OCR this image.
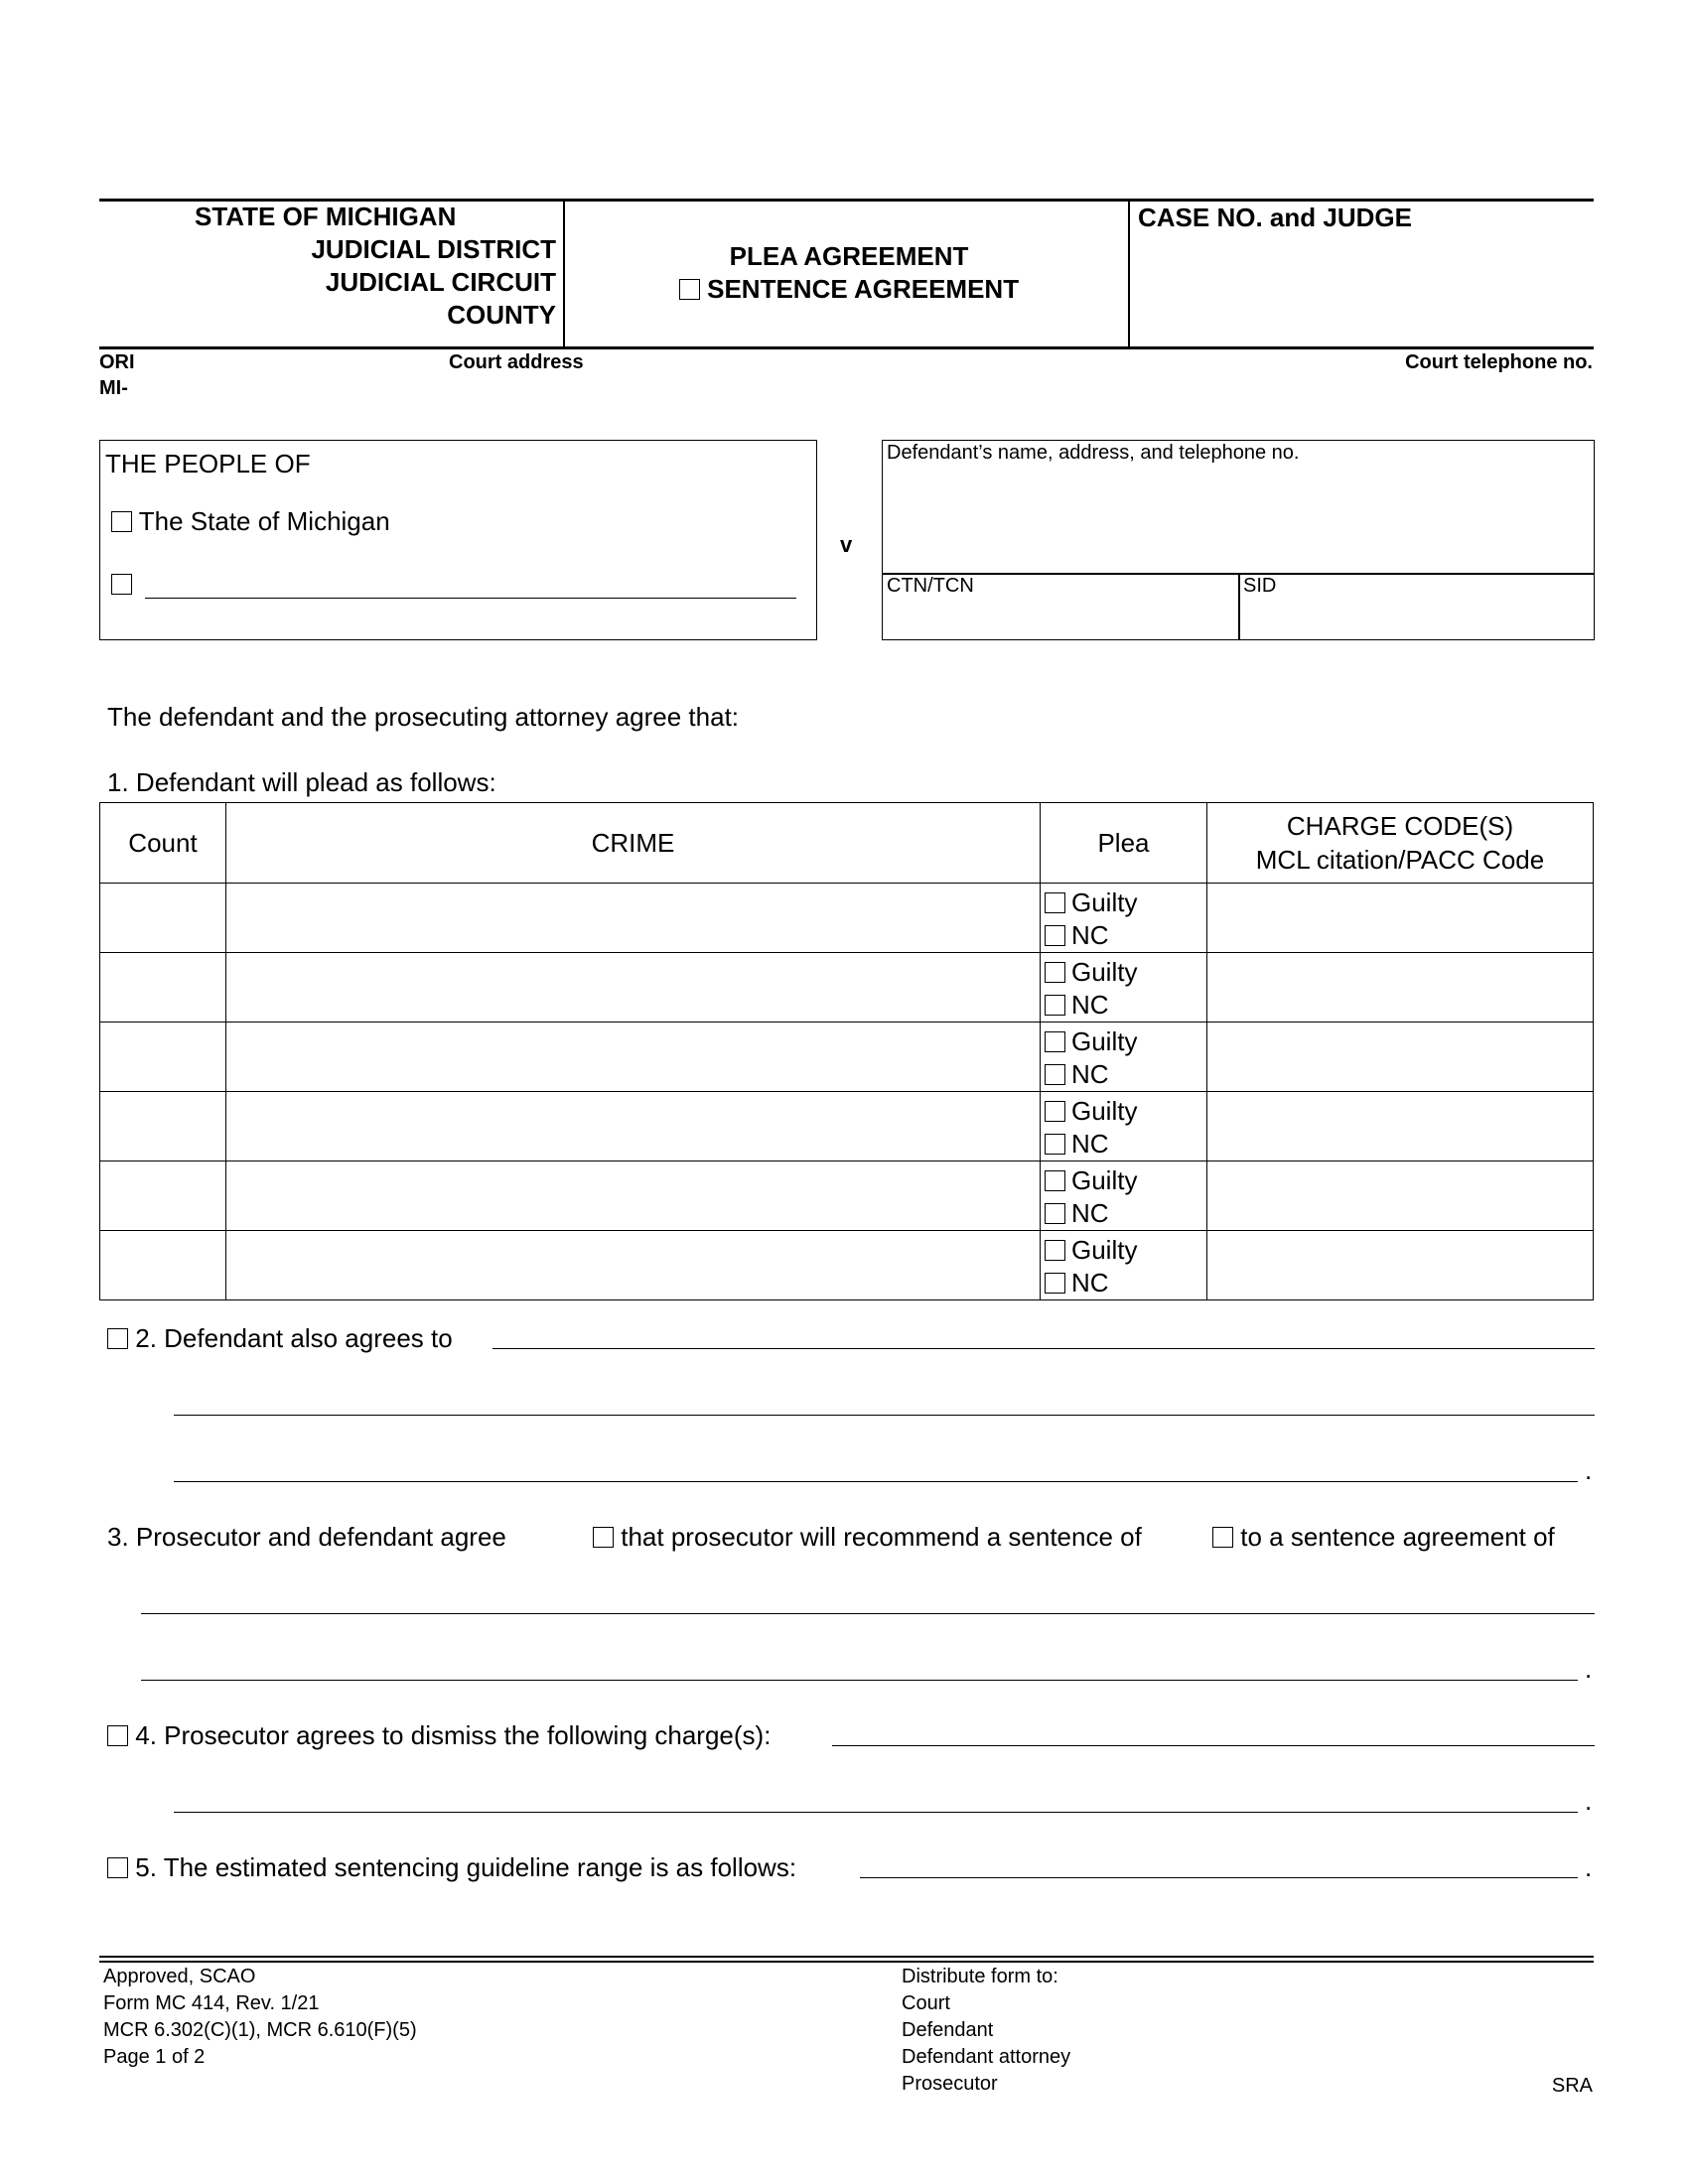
STATE OF MICHIGAN
JUDICIAL DISTRICT
JUDICIAL CIRCUIT
COUNTY
PLEA AGREEMENT
SENTENCE AGREEMENT
CASE NO. and JUDGE
ORI
MI-
Court address	Court telephone no.
THE PEOPLE OF
The State of Michigan
v
Defendant’s name, address, and telephone no.
CTN/TCN	SID
The defendant and the prosecuting attorney agree that:
1. Defendant will plead as follows:
Count	CRIME	Plea	CHARGE CODE(S)
MCL citation/PACC Code

		Guilty
NC	

		Guilty
NC	

		Guilty
NC	

		Guilty
NC	

		Guilty
NC	

		Guilty
NC	

2. Defendant also agrees to
.
3. Prosecutor and defendant agree	that prosecutor will recommend a sentence of	to a sentence agreement of
.
4. Prosecutor agrees to dismiss the following charge(s):
.
5. The estimated sentencing guideline range is as follows:	.
Approved, SCAO
Form MC 414, Rev. 1/21
MCR 6.302(C)(1), MCR 6.610(F)(5)
Page 1 of 2
Distribute form to:
Court
Defendant
Defendant attorney
Prosecutor	SRA
